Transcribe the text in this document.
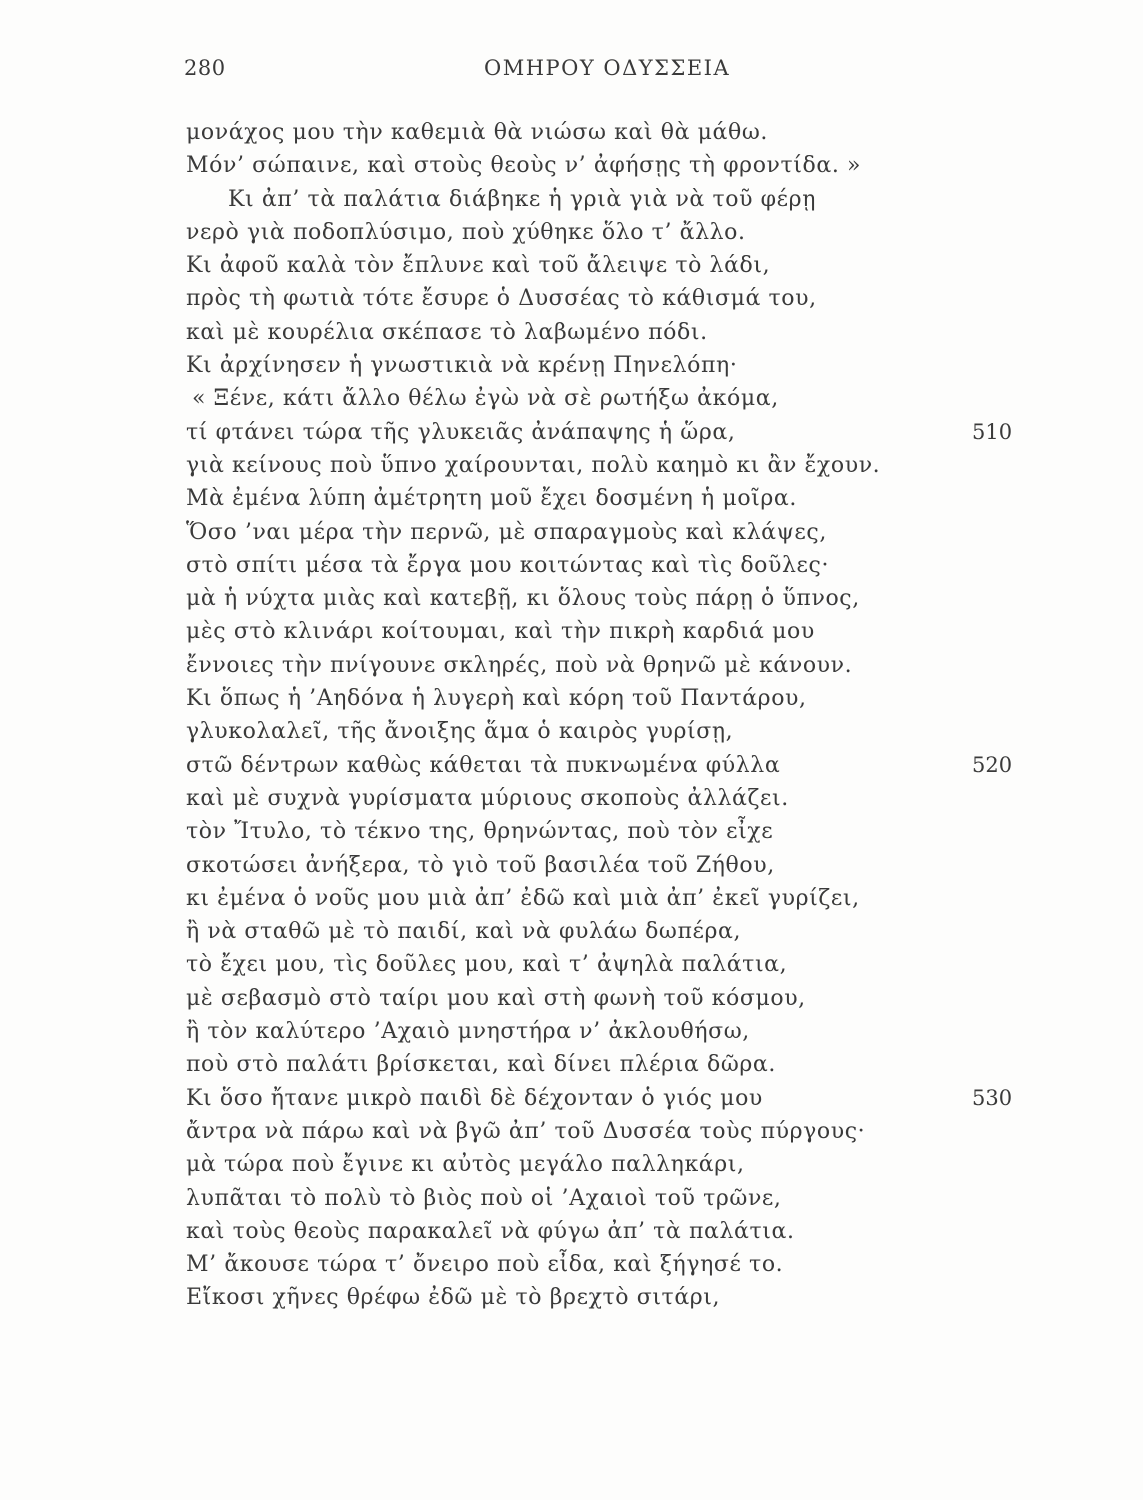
280	ΟΜΗΡΟΥ ΟΔΥΣΣΕΙΑ
μονάχος μου τὴν καθεμιὰ θὰ νιώσω καὶ θὰ μάθω.
Μόν’ σώπαινε, καὶ στοὺς θεοὺς ν’ ἀφήσῃς τὴ φροντίδα. »
Κι ἀπ’ τὰ παλάτια διάβηκε ἡ γριὰ γιὰ νὰ τοῦ φέρῃ
νερὸ γιὰ ποδοπλύσιμο, ποὺ χύθηκε ὅλο τ’ ἄλλο.
Κι ἀφοῦ καλὰ τὸν ἔπλυνε καὶ τοῦ ἄλειψε τὸ λάδι,
πρὸς τὴ φωτιὰ τότε ἔσυρε ὁ Δυσσέας τὸ κάθισμά του,
καὶ μὲ κουρέλια σκέπασε τὸ λαβωμένο πόδι.
Κι ἀρχίνησεν ἡ γνωστικιὰ νὰ κρένῃ Πηνελόπη·
« Ξένε, κάτι ἄλλο θέλω ἐγὼ νὰ σὲ ρωτήξω ἀκόμα,
τί φτάνει τώρα τῆς γλυκειᾶς ἀνάπαψης ἡ ὥρα,	510
γιὰ κείνους ποὺ ὕπνο χαίρουνται, πολὺ καημὸ κι ἂν ἔχουν.
Μὰ ἐμένα λύπη ἀμέτρητη μοῦ ἔχει δοσμένη ἡ μοῖρα.
Ὅσο ’ναι μέρα τὴν περνῶ, μὲ σπαραγμοὺς καὶ κλάψες,
στὸ σπίτι μέσα τὰ ἔργα μου κοιτώντας καὶ τὶς δοῦλες·
μὰ ἡ νύχτα μιὰς καὶ κατεβῇ, κι ὅλους τοὺς πάρῃ ὁ ὕπνος,
μὲς στὸ κλινάρι κοίτουμαι, καὶ τὴν πικρὴ καρδιά μου
ἔννοιες τὴν πνίγουνε σκληρές, ποὺ νὰ θρηνῶ μὲ κάνουν.
Κι ὅπως ἡ ’Αηδόνα ἡ λυγερὴ καὶ κόρη τοῦ Παντάρου,
γλυκολαλεῖ, τῆς ἄνοιξης ἅμα ὁ καιρὸς γυρίσῃ,
στῶ δέντρων καθὼς κάθεται τὰ πυκνωμένα φύλλα	520
καὶ μὲ συχνὰ γυρίσματα μύριους σκοποὺς ἀλλάζει.
τὸν Ἴτυλο, τὸ τέκνο της, θρηνώντας, ποὺ τὸν εἶχε
σκοτώσει ἀνήξερα, τὸ γιὸ τοῦ βασιλέα τοῦ Ζήθου,
κι ἐμένα ὁ νοῦς μου μιὰ ἀπ’ ἐδῶ καὶ μιὰ ἀπ’ ἐκεῖ γυρίζει,
ἢ νὰ σταθῶ μὲ τὸ παιδί, καὶ νὰ φυλάω δωπέρα,
τὸ ἔχει μου, τὶς δοῦλες μου, καὶ τ’ ἀψηλὰ παλάτια,
μὲ σεβασμὸ στὸ ταίρι μου καὶ στὴ φωνὴ τοῦ κόσμου,
ἢ τὸν καλύτερο ’Αχαιὸ μνηστήρα ν’ ἀκλουθήσω,
ποὺ στὸ παλάτι βρίσκεται, καὶ δίνει πλέρια δῶρα.
Κι ὅσο ἤτανε μικρὸ παιδὶ δὲ δέχονταν ὁ γιός μου	530
ἄντρα νὰ πάρω καὶ νὰ βγῶ ἀπ’ τοῦ Δυσσέα τοὺς πύργους·
μὰ τώρα ποὺ ἔγινε κι αὐτὸς μεγάλο παλληκάρι,
λυπᾶται τὸ πολὺ τὸ βιὸς ποὺ οἱ ’Αχαιοὶ τοῦ τρῶνε,
καὶ τοὺς θεοὺς παρακαλεῖ νὰ φύγω ἀπ’ τὰ παλάτια.
Μ’ ἄκουσε τώρα τ’ ὄνειρο ποὺ εἶδα, καὶ ξήγησέ το.
Εἴκοσι χῆνες θρέφω ἐδῶ μὲ τὸ βρεχτὸ σιτάρι,
